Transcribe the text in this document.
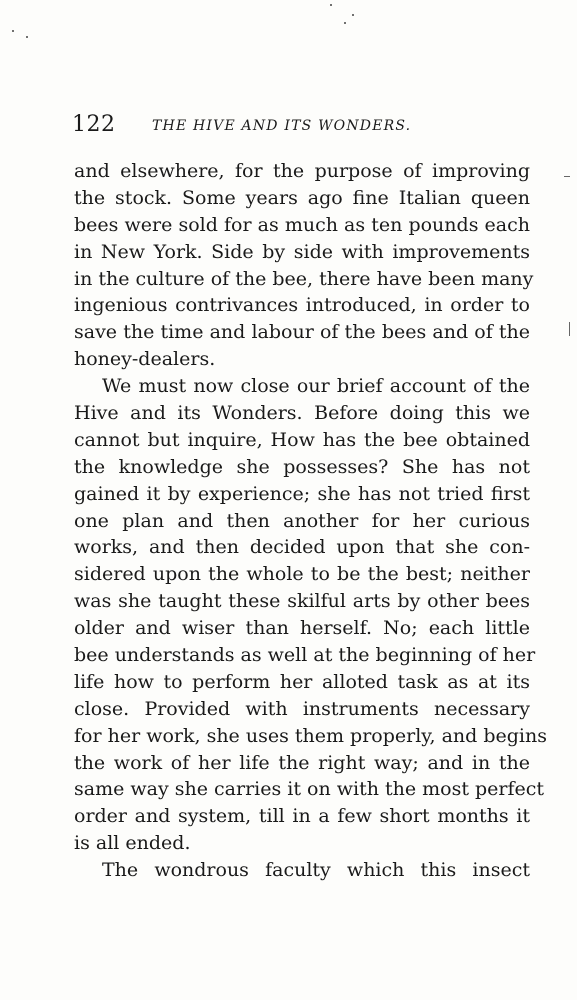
122	THE HIVE AND ITS WONDERS.
and elsewhere, for the purpose of improving
the stock. Some years ago fine Italian queen
bees were sold for as much as ten pounds each
in New York. Side by side with improvements
in the culture of the bee, there have been many
ingenious contrivances introduced, in order to
save the time and labour of the bees and of the
honey-dealers.
We must now close our brief account of the
Hive and its Wonders. Before doing this we
cannot but inquire, How has the bee obtained
the knowledge she possesses? She has not
gained it by experience; she has not tried first
one plan and then another for her curious
works, and then decided upon that she con-
sidered upon the whole to be the best; neither
was she taught these skilful arts by other bees
older and wiser than herself. No; each little
bee understands as well at the beginning of her
life how to perform her alloted task as at its
close. Provided with instruments necessary
for her work, she uses them properly, and begins
the work of her life the right way; and in the
same way she carries it on with the most perfect
order and system, till in a few short months it
is all ended.
The wondrous faculty which this insect
